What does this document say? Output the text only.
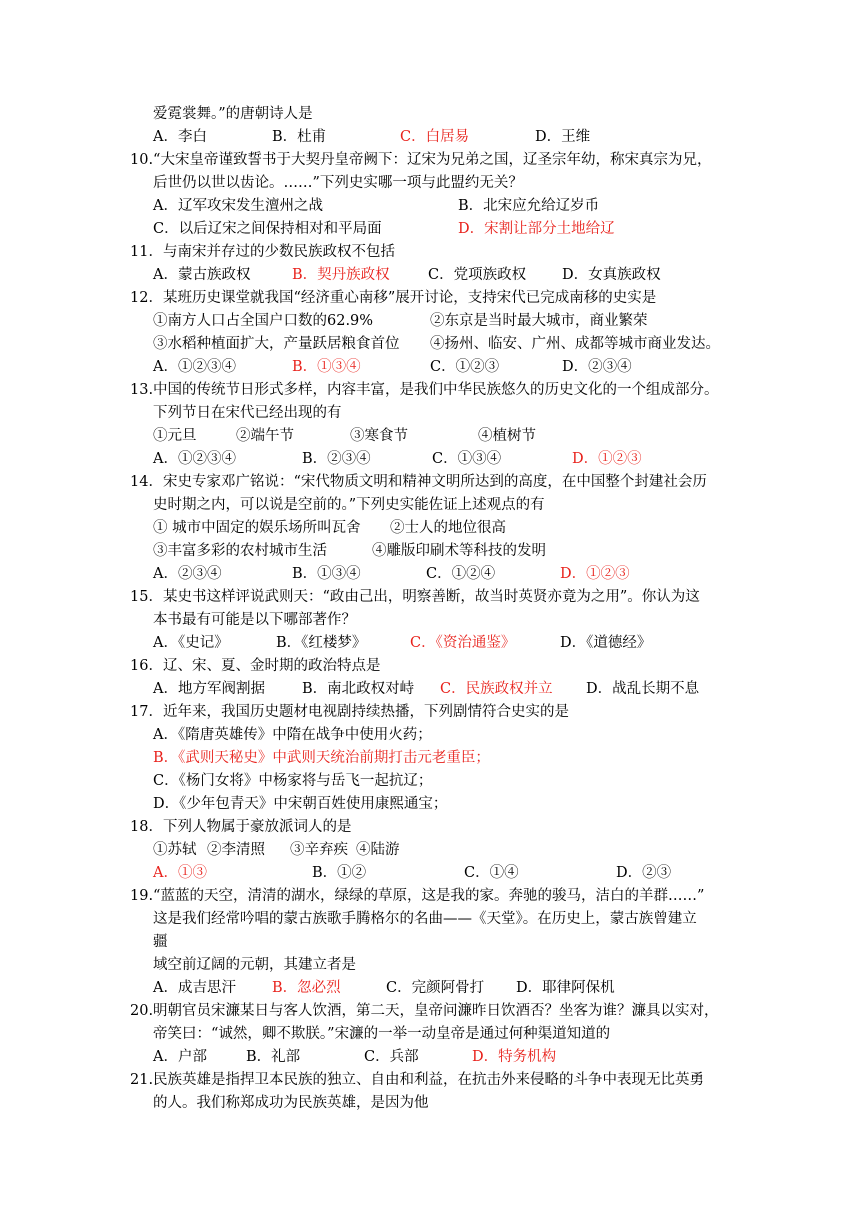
爱霓裳舞。”的唐朝诗人是
A．李白	B．杜甫	C．白居易	D．王维
10.“大宋皇帝谨致誓书于大契丹皇帝阙下：辽宋为兄弟之国，辽圣宗年幼，称宋真宗为兄，
后世仍以世以齿论。……”下列史实哪一项与此盟约无关？
A．辽军攻宋发生澶州之战	B．北宋应允给辽岁币
C．以后辽宋之间保持相对和平局面	D．宋割让部分土地给辽
11．与南宋并存过的少数民族政权不包括
A．蒙古族政权	B．契丹族政权	C．党项族政权 D．女真族政权
12．某班历史课堂就我国“经济重心南移”展开讨论，支持宋代已完成南移的史实是
①南方人口占全国户口数的62.9%	②东京是当时最大城市，商业繁荣
③水稻种植面扩大，产量跃居粮食首位 ④扬州、临安、广州、成都等城市商业发达。
A．①②③④	B．①③④	C．①②③	D．②③④
13.中国的传统节日形式多样，内容丰富，是我们中华民族悠久的历史文化的一个组成部分。
下列节日在宋代已经出现的有
①元旦	②端午节	③寒食节	④植树节
A．①②③④	B．②③④	C．①③④	D．①②③
14．宋史专家邓广铭说：“宋代物质文明和精神文明所达到的高度，在中国整个封建社会历
史时期之内，可以说是空前的。”下列史实能佐证上述观点的有
① 城市中固定的娱乐场所叫瓦舍 ②士人的地位很高
③丰富多彩的农村城市生活	④雕版印刷术等科技的发明
A．②③④	B．①③④	C．①②④	D．①②③
15．某史书这样评说武则天：“政由己出，明察善断，故当时英贤亦竟为之用”。你认为这
本书最有可能是以下哪部著作？
A．《史记》	B．《红楼梦》	C．《资治通鉴》	D．《道德经》
16．辽、宋、夏、金时期的政治特点是
A．地方军阀割据	B．南北政权对峙 C．民族政权并立 D．战乱长期不息
17．近年来，我国历史题材电视剧持续热播，下列剧情符合史实的是
A．《隋唐英雄传》中隋在战争中使用火药；
B．《武则天秘史》中武则天统治前期打击元老重臣；
C．《杨门女将》中杨家将与岳飞一起抗辽；
D．《少年包青天》中宋朝百姓使用康熙通宝；
18．下列人物属于豪放派词人的是
①苏轼 ②李清照 ③辛弃疾 ④陆游
A．①③	B．①②	C．①④	D．②③
19.“蓝蓝的天空，清清的湖水，绿绿的草原，这是我的家。奔驰的骏马，洁白的羊群……”
这是我们经常吟唱的蒙古族歌手腾格尔的名曲——《天堂》。在历史上，蒙古族曾建立
疆
域空前辽阔的元朝，其建立者是
A．成吉思汗 B．忽必烈	C．完颜阿骨打 D．耶律阿保机
20.明朝官员宋濂某日与客人饮酒，第二天，皇帝问濂昨日饮酒否？坐客为谁？濂具以实对，
帝笑曰：“诚然，卿不欺朕。”宋濂的一举一动皇帝是通过何种渠道知道的
A．户部	B．礼部	C．兵部	D．特务机构
21.民族英雄是指捍卫本民族的独立、自由和利益，在抗击外来侵略的斗争中表现无比英勇
的人。我们称郑成功为民族英雄，是因为他
